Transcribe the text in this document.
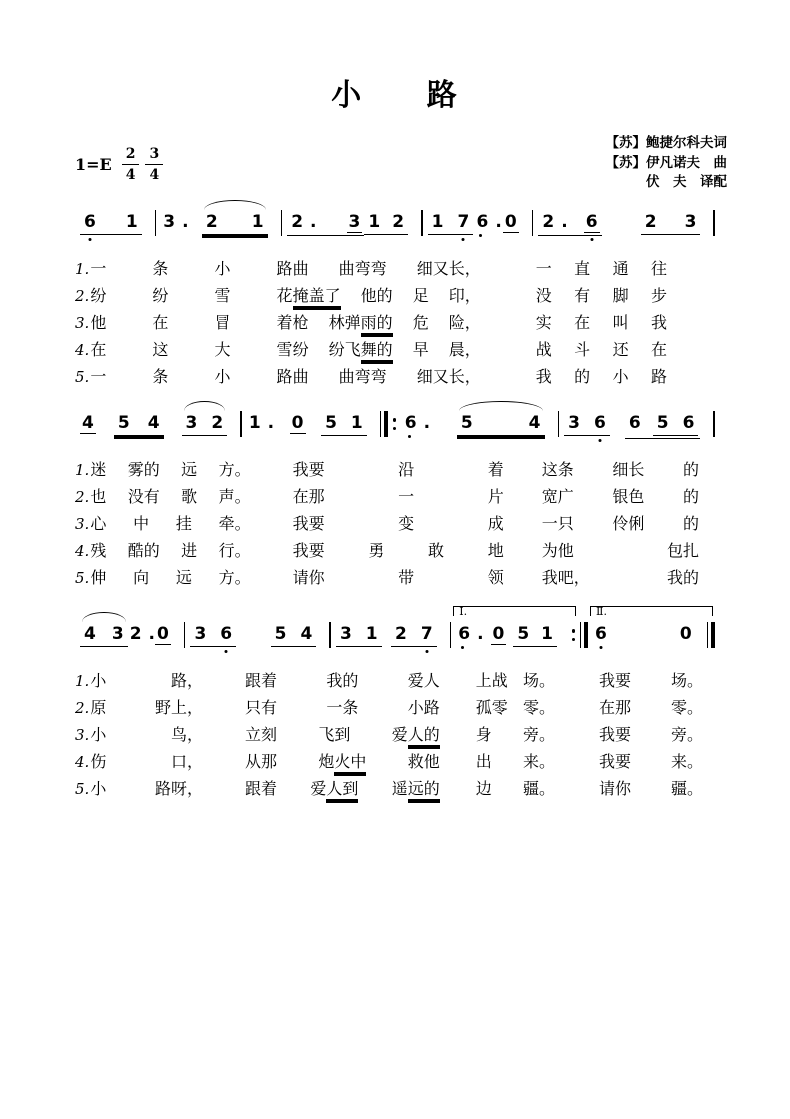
小 路
$1=E \frac{2}{4} \frac{3}{4}$
【苏】鲍捷尔科夫词
【苏】伊凡诺夫　曲
伏　夫　译配
6 1 3 . 2 1 2 . 3 1 2 1 7 6 . 0 2 . 6	2 3
1. 一	条	小	路 曲 曲弯弯 细又长，	一 直 通 往
2. 纷	纷	雪	花 掩盖了 他的 足 印，	没 有 脚 步
3. 他	在	冒	着 枪 林弹雨的 危 险，	实 在 叫 我
4. 在	这	大	雪 纷 纷飞舞的 早 晨，	战 斗 还 在
5. 一	条	小	路 曲 曲弯弯 细又长，	我 的 小 路
4 5 4 3 2 1 . 0 5 1 6 . 5	4 3 6 6 5 6
1. 迷 雾的 远 方。	我要	沿	着 这条 细长 的
2. 也 没有 歌 声。	在那	一	片 宽广 银色 的
3. 心 中 挂 牵。	我要	变	成 一只 伶俐 的
4. 残 酷的 进 行。	我要	勇	敢	地 为他	包扎
5. 伸 向 远 方。	请你	带	领 我吧，	我的
4 3 2 . 0 3 6	5 4 3 1 2 7
Ⅰ.
6 . 0 5 1
Ⅱ.
6	0
1. 小	路，	跟着	我的	爱人 上战 场。	我要 场。
2. 原	野上，	只有	一条	小路 孤零 零。	在那 零。
3. 小	鸟，	立刻	飞到	爱人的 身 旁。	我要 旁。
4. 伤	口，	从那	炮火中	救他 出 来。	我要 来。
5. 小	路呀，	跟着 爱人到 遥远的 边 疆。	请你 疆。
